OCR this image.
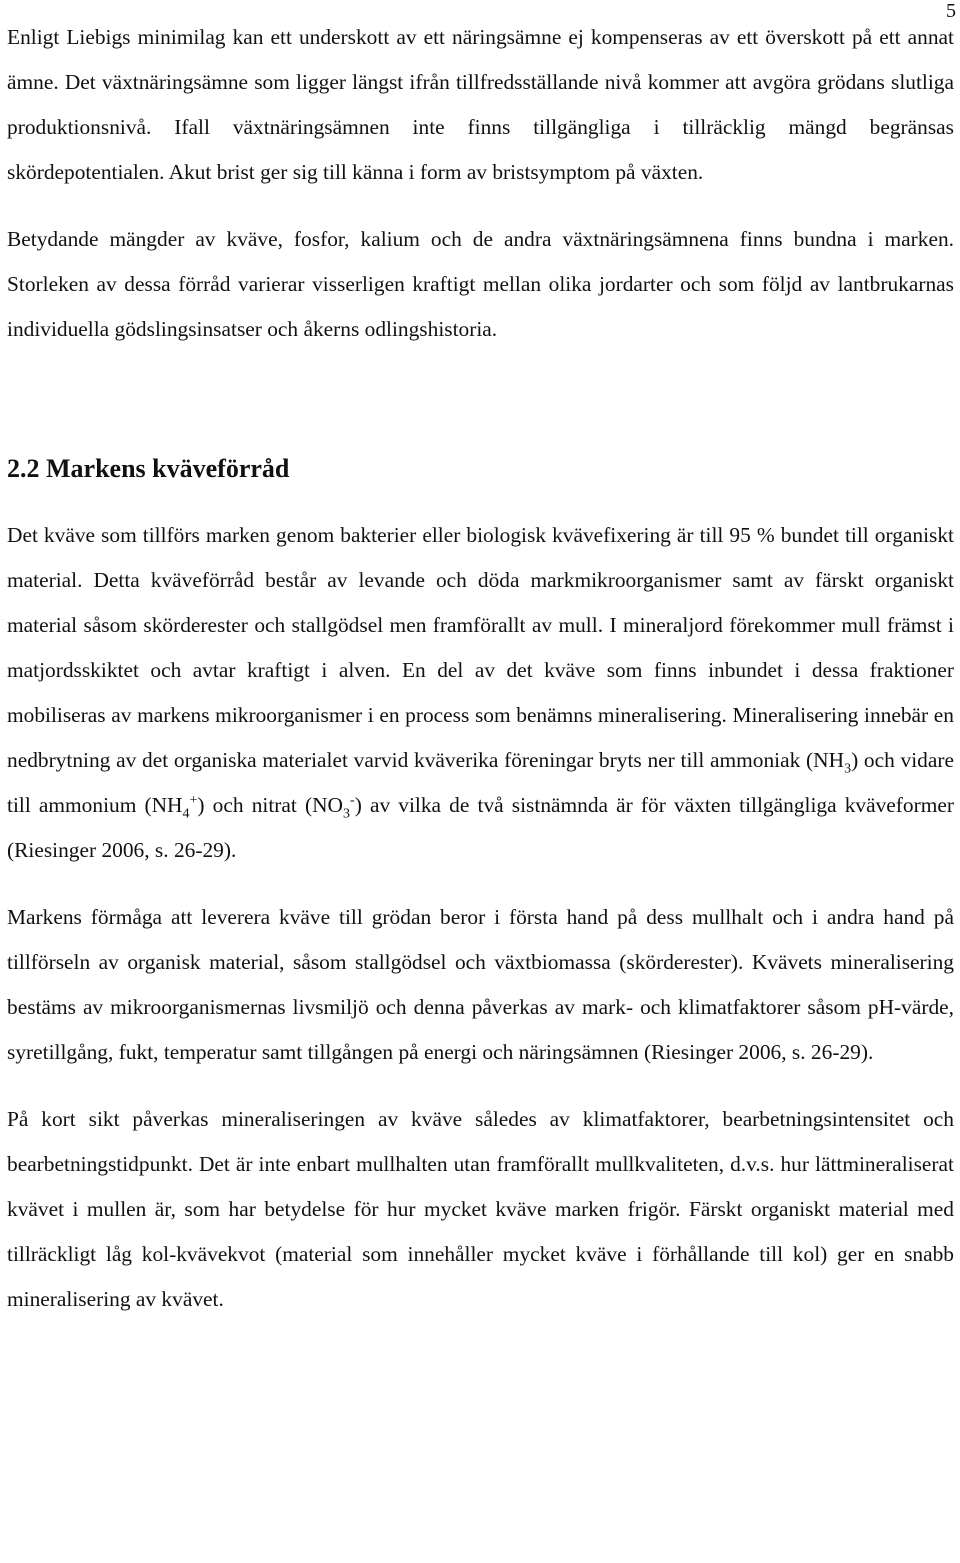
5

Enligt Liebigs minimilag kan ett underskott av ett näringsämne ej kompenseras av ett överskott på ett annat ämne. Det växtnäringsämne som ligger längst ifrån tillfredsställande nivå kommer att avgöra grödans slutliga produktionsnivå. Ifall växtnäringsämnen inte finns tillgängliga i tillräcklig mängd begränsas skördepotentialen. Akut brist ger sig till känna i form av bristsymptom på växten.

Betydande mängder av kväve, fosfor, kalium och de andra växtnäringsämnena finns bundna i marken. Storleken av dessa förråd varierar visserligen kraftigt mellan olika jordarter och som följd av lantbrukarnas individuella gödslingsinsatser och åkerns odlingshistoria.

2.2 Markens kväveförråd

Det kväve som tillförs marken genom bakterier eller biologisk kvävefixering är till 95 % bundet till organiskt material. Detta kväveförråd består av levande och döda markmikroorganismer samt av färskt organiskt material såsom skörderester och stallgödsel men framförallt av mull. I mineraljord förekommer mull främst i matjordsskiktet och avtar kraftigt i alven. En del av det kväve som finns inbundet i dessa fraktioner mobiliseras av markens mikroorganismer i en process som benämns mineralisering. Mineralisering innebär en nedbrytning av det organiska materialet varvid kväverika föreningar bryts ner till ammoniak $(NH_3)$ och vidare till ammonium $(NH_4^+)$ och nitrat $(NO_3^-)$ av vilka de två sistnämnda är för växten tillgängliga kväveformer (Riesinger 2006, s. 26-29).

Markens förmåga att leverera kväve till grödan beror i första hand på dess mullhalt och i andra hand på tillförseln av organisk material, såsom stallgödsel och växtbiomassa (skörderester). Kvävets mineralisering bestäms av mikroorganismernas livsmiljö och denna påverkas av mark- och klimatfaktorer såsom pH-värde, syretillgång, fukt, temperatur samt tillgången på energi och näringsämnen (Riesinger 2006, s. 26-29).

På kort sikt påverkas mineraliseringen av kväve således av klimatfaktorer, bearbetningsintensitet och bearbetningstidpunkt. Det är inte enbart mullhalten utan framförallt mullkvaliteten, d.v.s. hur lättmineraliserat kvävet i mullen är, som har betydelse för hur mycket kväve marken frigör. Färskt organiskt material med tillräckligt låg kol-kvävekvot (material som innehåller mycket kväve i förhållande till kol) ger en snabb mineralisering av kvävet.
